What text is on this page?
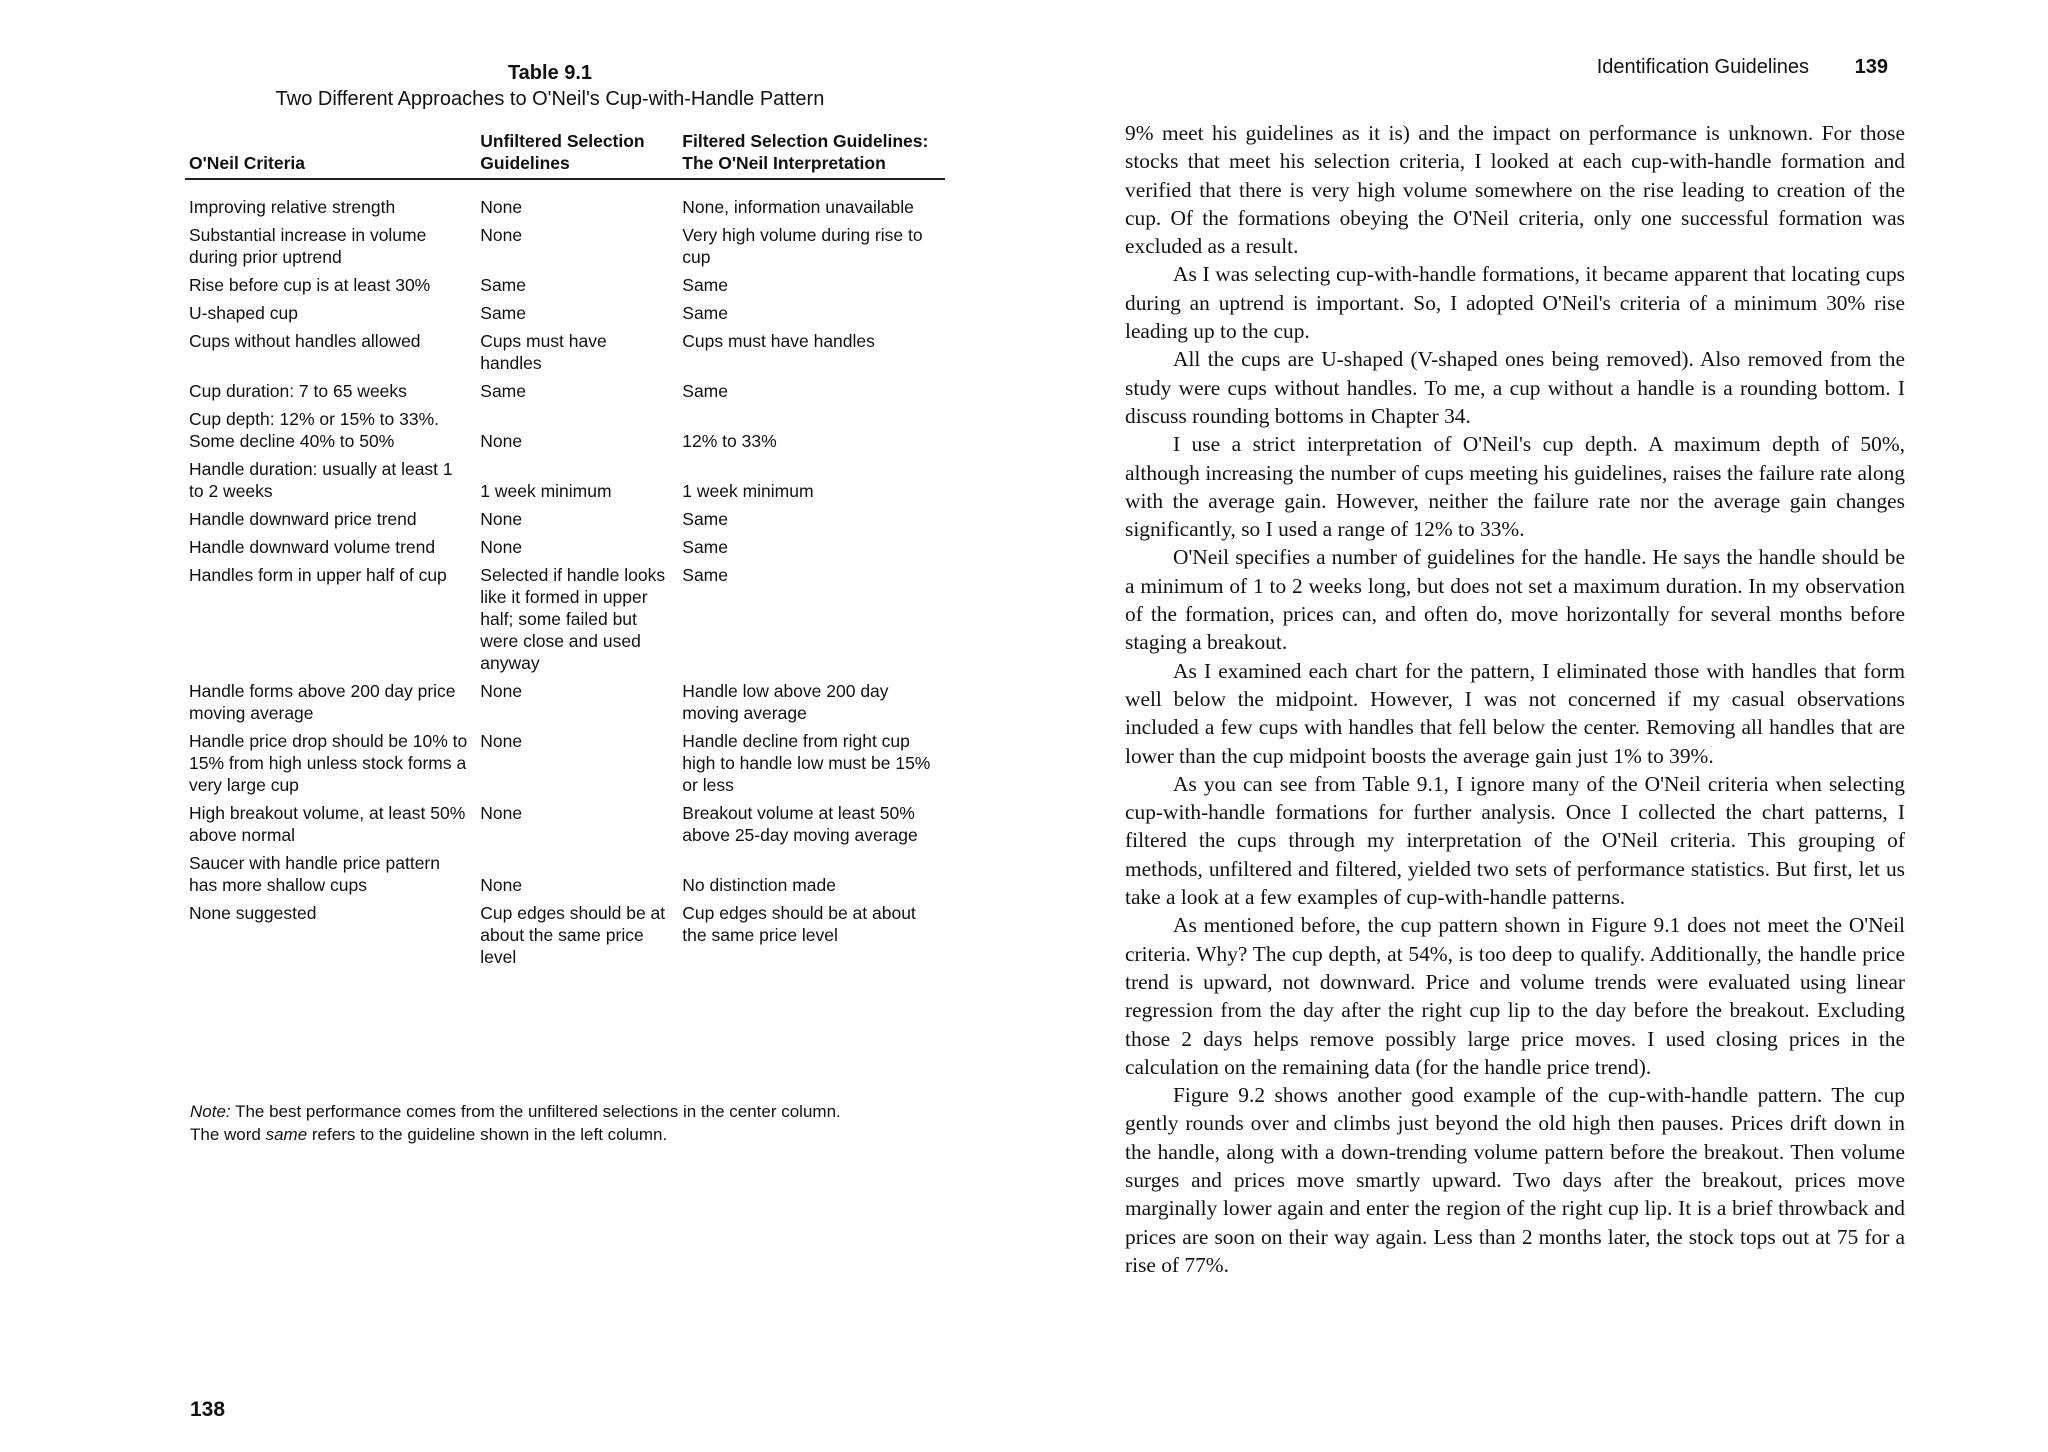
Table 9.1
Two Different Approaches to O'Neil's Cup-with-Handle Pattern
O'Neil Criteria	Unfiltered Selection Guidelines	Filtered Selection Guidelines: The O'Neil Interpretation
Improving relative strength	None	None, information unavailable
Substantial increase in volume during prior uptrend	None	Very high volume during rise to cup
Rise before cup is at least 30%	Same	Same
U-shaped cup	Same	Same
Cups without handles allowed	Cups must have handles	Cups must have handles
Cup duration: 7 to 65 weeks	Same	Same
Cup depth: 12% or 15% to 33%. Some decline 40% to 50%	None	12% to 33%
Handle duration: usually at least 1 to 2 weeks	1 week minimum	1 week minimum
Handle downward price trend	None	Same
Handle downward volume trend	None	Same
Handles form in upper half of cup	Selected if handle looks like it formed in upper half; some failed but were close and used anyway	Same
Handle forms above 200 day price moving average	None	Handle low above 200 day moving average
Handle price drop should be 10% to 15% from high unless stock forms a very large cup	None	Handle decline from right cup high to handle low must be 15% or less
High breakout volume, at least 50% above normal	None	Breakout volume at least 50% above 25-day moving average
Saucer with handle price pattern has more shallow cups	None	No distinction made
None suggested	Cup edges should be at about the same price level	Cup edges should be at about the same price level
Note: The best performance comes from the unfiltered selections in the center column.
The word same refers to the guideline shown in the left column.
138
Identification Guidelines 139

9% meet his guidelines as it is) and the impact on performance is unknown. For those stocks that meet his selection criteria, I looked at each cup-with-handle formation and verified that there is very high volume somewhere on the rise leading to creation of the cup. Of the formations obeying the O'Neil criteria, only one successful formation was excluded as a result.

As I was selecting cup-with-handle formations, it became apparent that locating cups during an uptrend is important. So, I adopted O'Neil's criteria of a minimum 30% rise leading up to the cup.

All the cups are U-shaped (V-shaped ones being removed). Also removed from the study were cups without handles. To me, a cup without a handle is a rounding bottom. I discuss rounding bottoms in Chapter 34.

I use a strict interpretation of O'Neil's cup depth. A maximum depth of 50%, although increasing the number of cups meeting his guidelines, raises the failure rate along with the average gain. However, neither the failure rate nor the average gain changes significantly, so I used a range of 12% to 33%.

O'Neil specifies a number of guidelines for the handle. He says the handle should be a minimum of 1 to 2 weeks long, but does not set a maximum duration. In my observation of the formation, prices can, and often do, move horizontally for several months before staging a breakout.

As I examined each chart for the pattern, I eliminated those with handles that form well below the midpoint. However, I was not concerned if my casual observations included a few cups with handles that fell below the center. Removing all handles that are lower than the cup midpoint boosts the average gain just 1% to 39%.

As you can see from Table 9.1, I ignore many of the O'Neil criteria when selecting cup-with-handle formations for further analysis. Once I collected the chart patterns, I filtered the cups through my interpretation of the O'Neil criteria. This grouping of methods, unfiltered and filtered, yielded two sets of performance statistics. But first, let us take a look at a few examples of cup-with-handle patterns.

As mentioned before, the cup pattern shown in Figure 9.1 does not meet the O'Neil criteria. Why? The cup depth, at 54%, is too deep to qualify. Additionally, the handle price trend is upward, not downward. Price and volume trends were evaluated using linear regression from the day after the right cup lip to the day before the breakout. Excluding those 2 days helps remove possibly large price moves. I used closing prices in the calculation on the remaining data (for the handle price trend).

Figure 9.2 shows another good example of the cup-with-handle pattern. The cup gently rounds over and climbs just beyond the old high then pauses. Prices drift down in the handle, along with a down-trending volume pattern before the breakout. Then volume surges and prices move smartly upward. Two days after the breakout, prices move marginally lower again and enter the region of the right cup lip. It is a brief throwback and prices are soon on their way again. Less than 2 months later, the stock tops out at 75 for a rise of 77%.
